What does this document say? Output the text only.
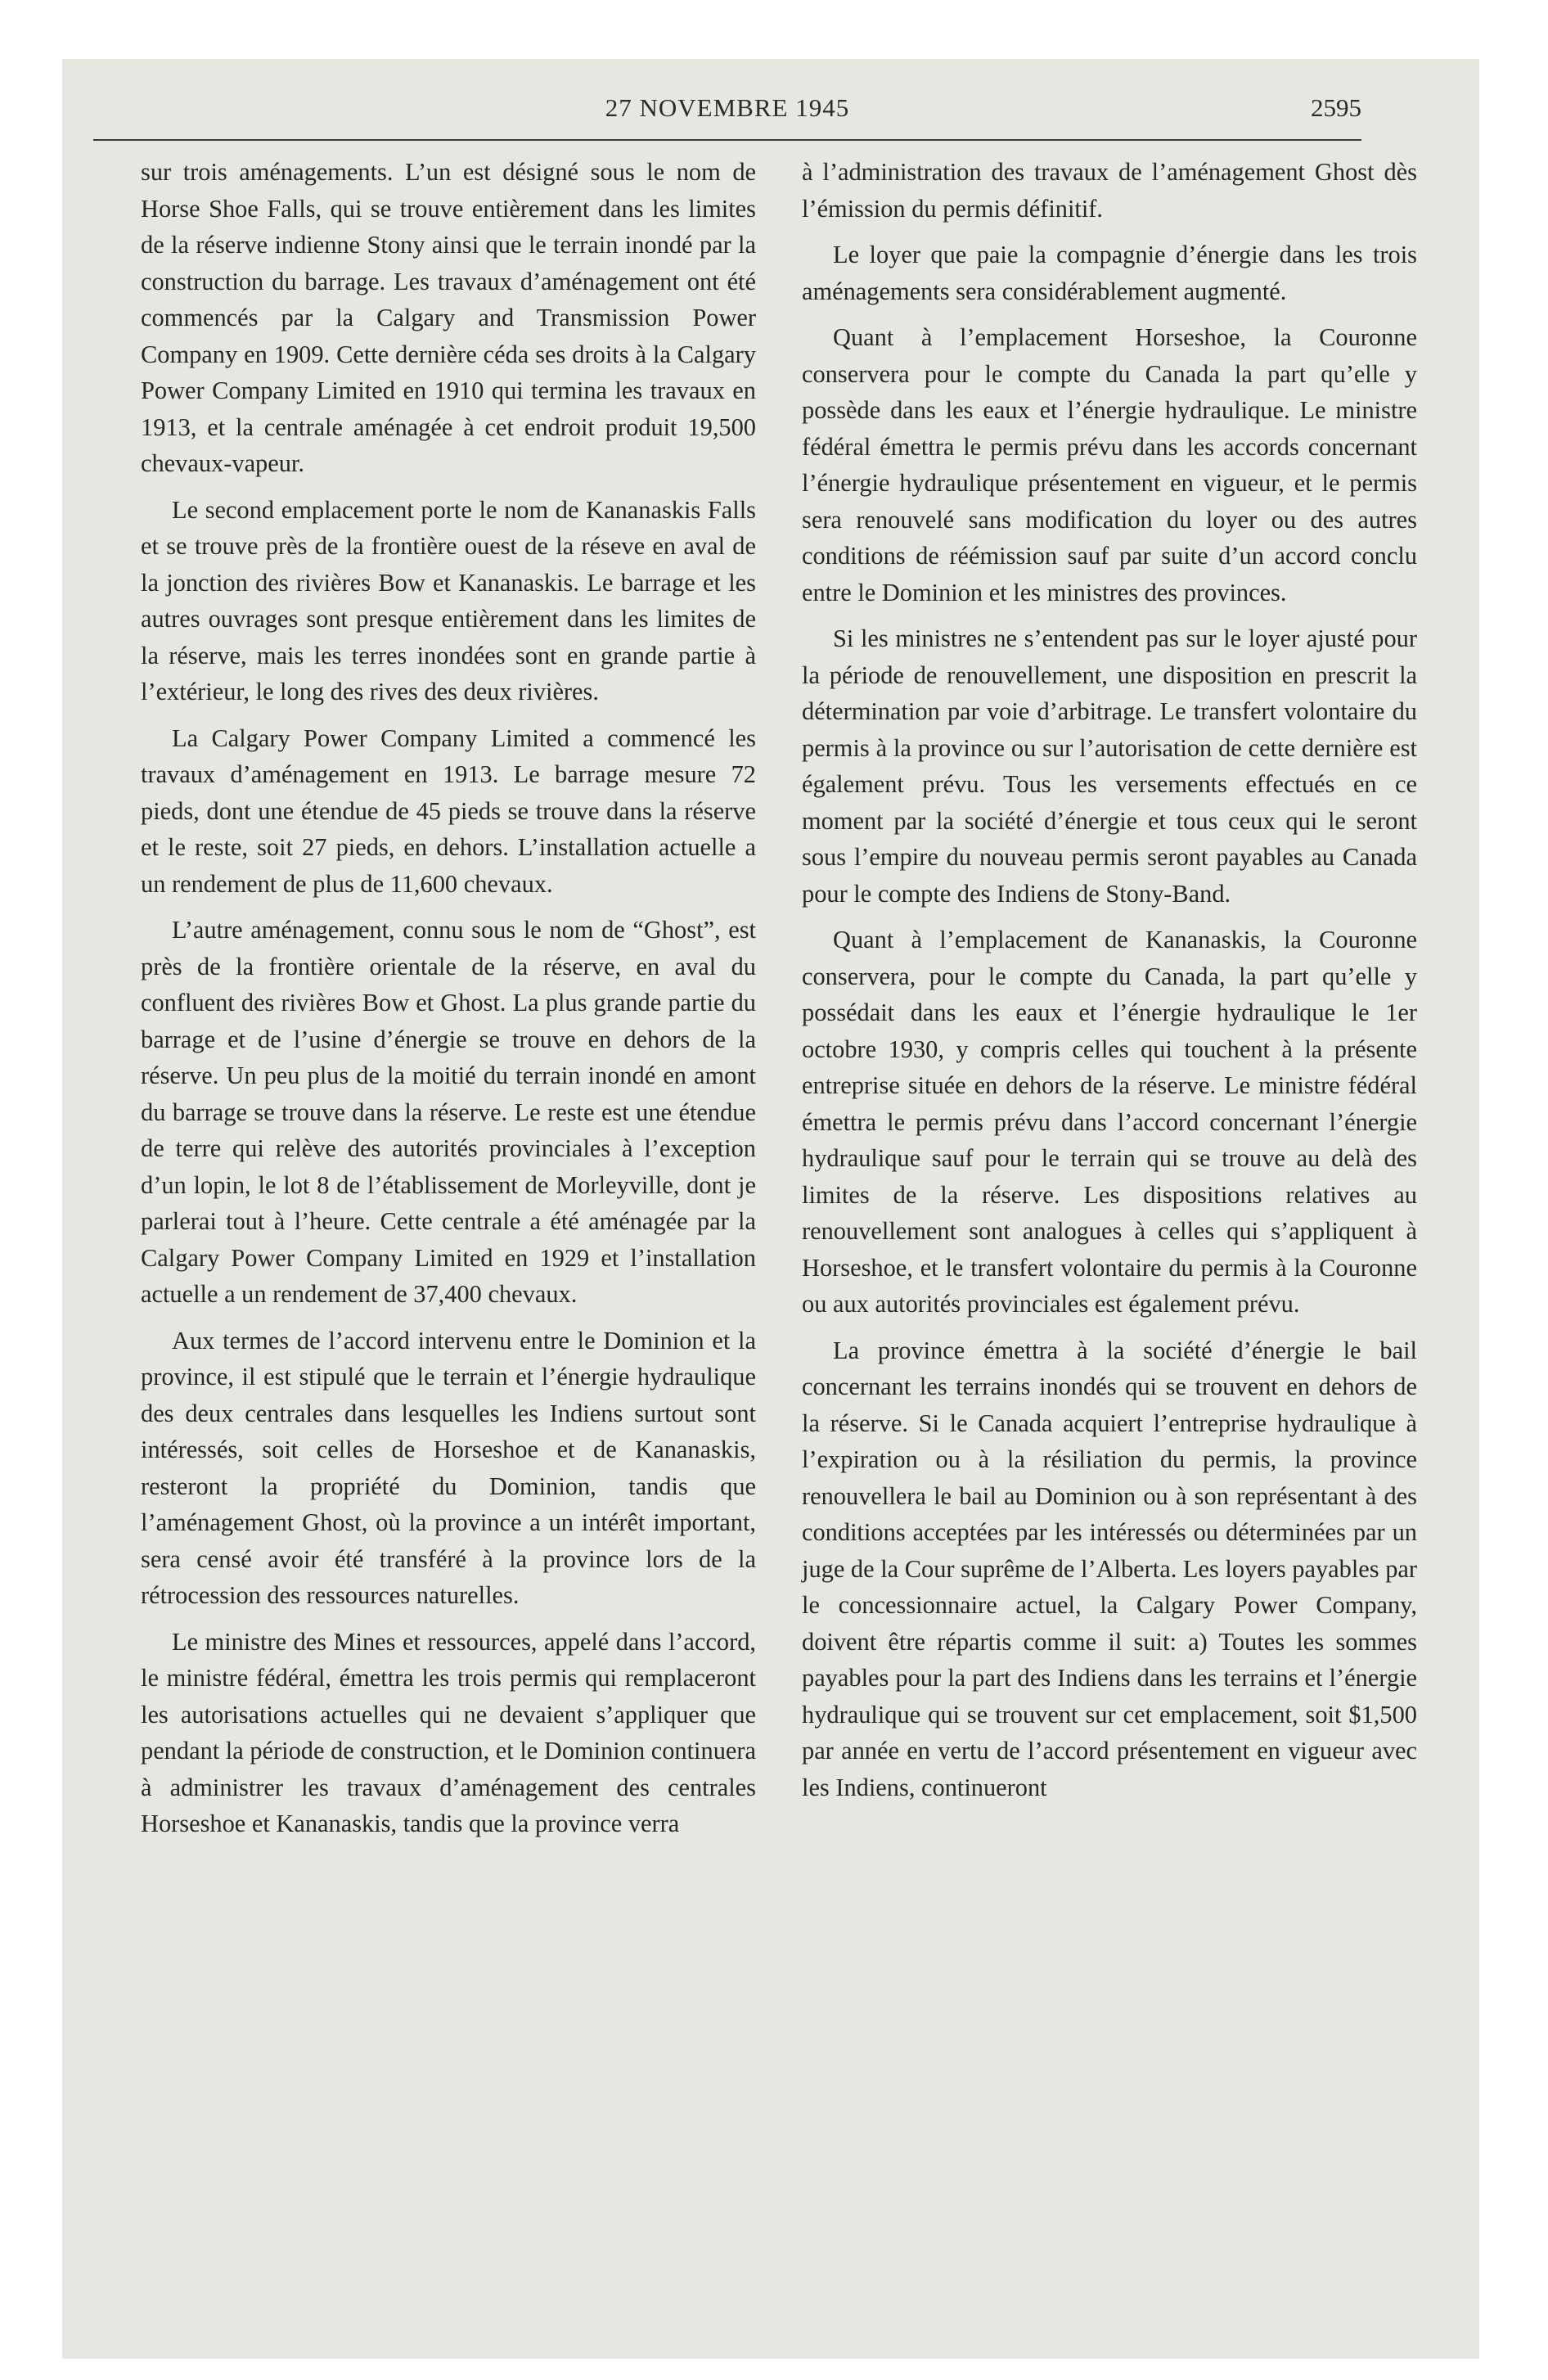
27 NOVEMBRE 1945	2595

sur trois aménagements. L’un est désigné sous le nom de Horse Shoe Falls, qui se trouve entièrement dans les limites de la réserve indienne Stony ainsi que le terrain inondé par la construction du barrage. Les travaux d’aménagement ont été commencés par la Calgary and Transmission Power Company en 1909. Cette dernière céda ses droits à la Calgary Power Company Limited en 1910 qui termina les travaux en 1913, et la centrale aménagée à cet endroit produit 19,500 chevaux-vapeur.

Le second emplacement porte le nom de Kananaskis Falls et se trouve près de la frontière ouest de la réseve en aval de la jonction des rivières Bow et Kananaskis. Le barrage et les autres ouvrages sont presque entièrement dans les limites de la réserve, mais les terres inondées sont en grande partie à l’extérieur, le long des rives des deux rivières.

La Calgary Power Company Limited a commencé les travaux d’aménagement en 1913. Le barrage mesure 72 pieds, dont une étendue de 45 pieds se trouve dans la réserve et le reste, soit 27 pieds, en dehors. L’installation actuelle a un rendement de plus de 11,600 chevaux.

L’autre aménagement, connu sous le nom de “Ghost”, est près de la frontière orientale de la réserve, en aval du confluent des rivières Bow et Ghost. La plus grande partie du barrage et de l’usine d’énergie se trouve en dehors de la réserve. Un peu plus de la moitié du terrain inondé en amont du barrage se trouve dans la réserve. Le reste est une étendue de terre qui relève des autorités provinciales à l’exception d’un lopin, le lot 8 de l’établissement de Morleyville, dont je parlerai tout à l’heure. Cette centrale a été aménagée par la Calgary Power Company Limited en 1929 et l’installation actuelle a un rendement de 37,400 chevaux.

Aux termes de l’accord intervenu entre le Dominion et la province, il est stipulé que le terrain et l’énergie hydraulique des deux centrales dans lesquelles les Indiens surtout sont intéressés, soit celles de Horseshoe et de Kananaskis, resteront la propriété du Dominion, tandis que l’aménagement Ghost, où la province a un intérêt important, sera censé avoir été transféré à la province lors de la rétrocession des ressources naturelles.

Le ministre des Mines et ressources, appelé dans l’accord, le ministre fédéral, émettra les trois permis qui remplaceront les autorisations actuelles qui ne devaient s’appliquer que pendant la période de construction, et le Dominion continuera à administrer les travaux d’aménagement des centrales Horseshoe et Kananaskis, tandis que la province verra

à l’administration des travaux de l’aménagement Ghost dès l’émission du permis définitif.

Le loyer que paie la compagnie d’énergie dans les trois aménagements sera considérablement augmenté.

Quant à l’emplacement Horseshoe, la Couronne conservera pour le compte du Canada la part qu’elle y possède dans les eaux et l’énergie hydraulique. Le ministre fédéral émettra le permis prévu dans les accords concernant l’énergie hydraulique présentement en vigueur, et le permis sera renouvelé sans modification du loyer ou des autres conditions de réémission sauf par suite d’un accord conclu entre le Dominion et les ministres des provinces.

Si les ministres ne s’entendent pas sur le loyer ajusté pour la période de renouvellement, une disposition en prescrit la détermination par voie d’arbitrage. Le transfert volontaire du permis à la province ou sur l’autorisation de cette dernière est également prévu. Tous les versements effectués en ce moment par la société d’énergie et tous ceux qui le seront sous l’empire du nouveau permis seront payables au Canada pour le compte des Indiens de Stony-Band.

Quant à l’emplacement de Kananaskis, la Couronne conservera, pour le compte du Canada, la part qu’elle y possédait dans les eaux et l’énergie hydraulique le 1er octobre 1930, y compris celles qui touchent à la présente entreprise située en dehors de la réserve. Le ministre fédéral émettra le permis prévu dans l’accord concernant l’énergie hydraulique sauf pour le terrain qui se trouve au delà des limites de la réserve. Les dispositions relatives au renouvellement sont analogues à celles qui s’appliquent à Horseshoe, et le transfert volontaire du permis à la Couronne ou aux autorités provinciales est également prévu.

La province émettra à la société d’énergie le bail concernant les terrains inondés qui se trouvent en dehors de la réserve. Si le Canada acquiert l’entreprise hydraulique à l’expiration ou à la résiliation du permis, la province renouvellera le bail au Dominion ou à son représentant à des conditions acceptées par les intéressés ou déterminées par un juge de la Cour suprême de l’Alberta. Les loyers payables par le concessionnaire actuel, la Calgary Power Company, doivent être répartis comme il suit: a) Toutes les sommes payables pour la part des Indiens dans les terrains et l’énergie hydraulique qui se trouvent sur cet emplacement, soit $1,500 par année en vertu de l’accord présentement en vigueur avec les Indiens, continueront
